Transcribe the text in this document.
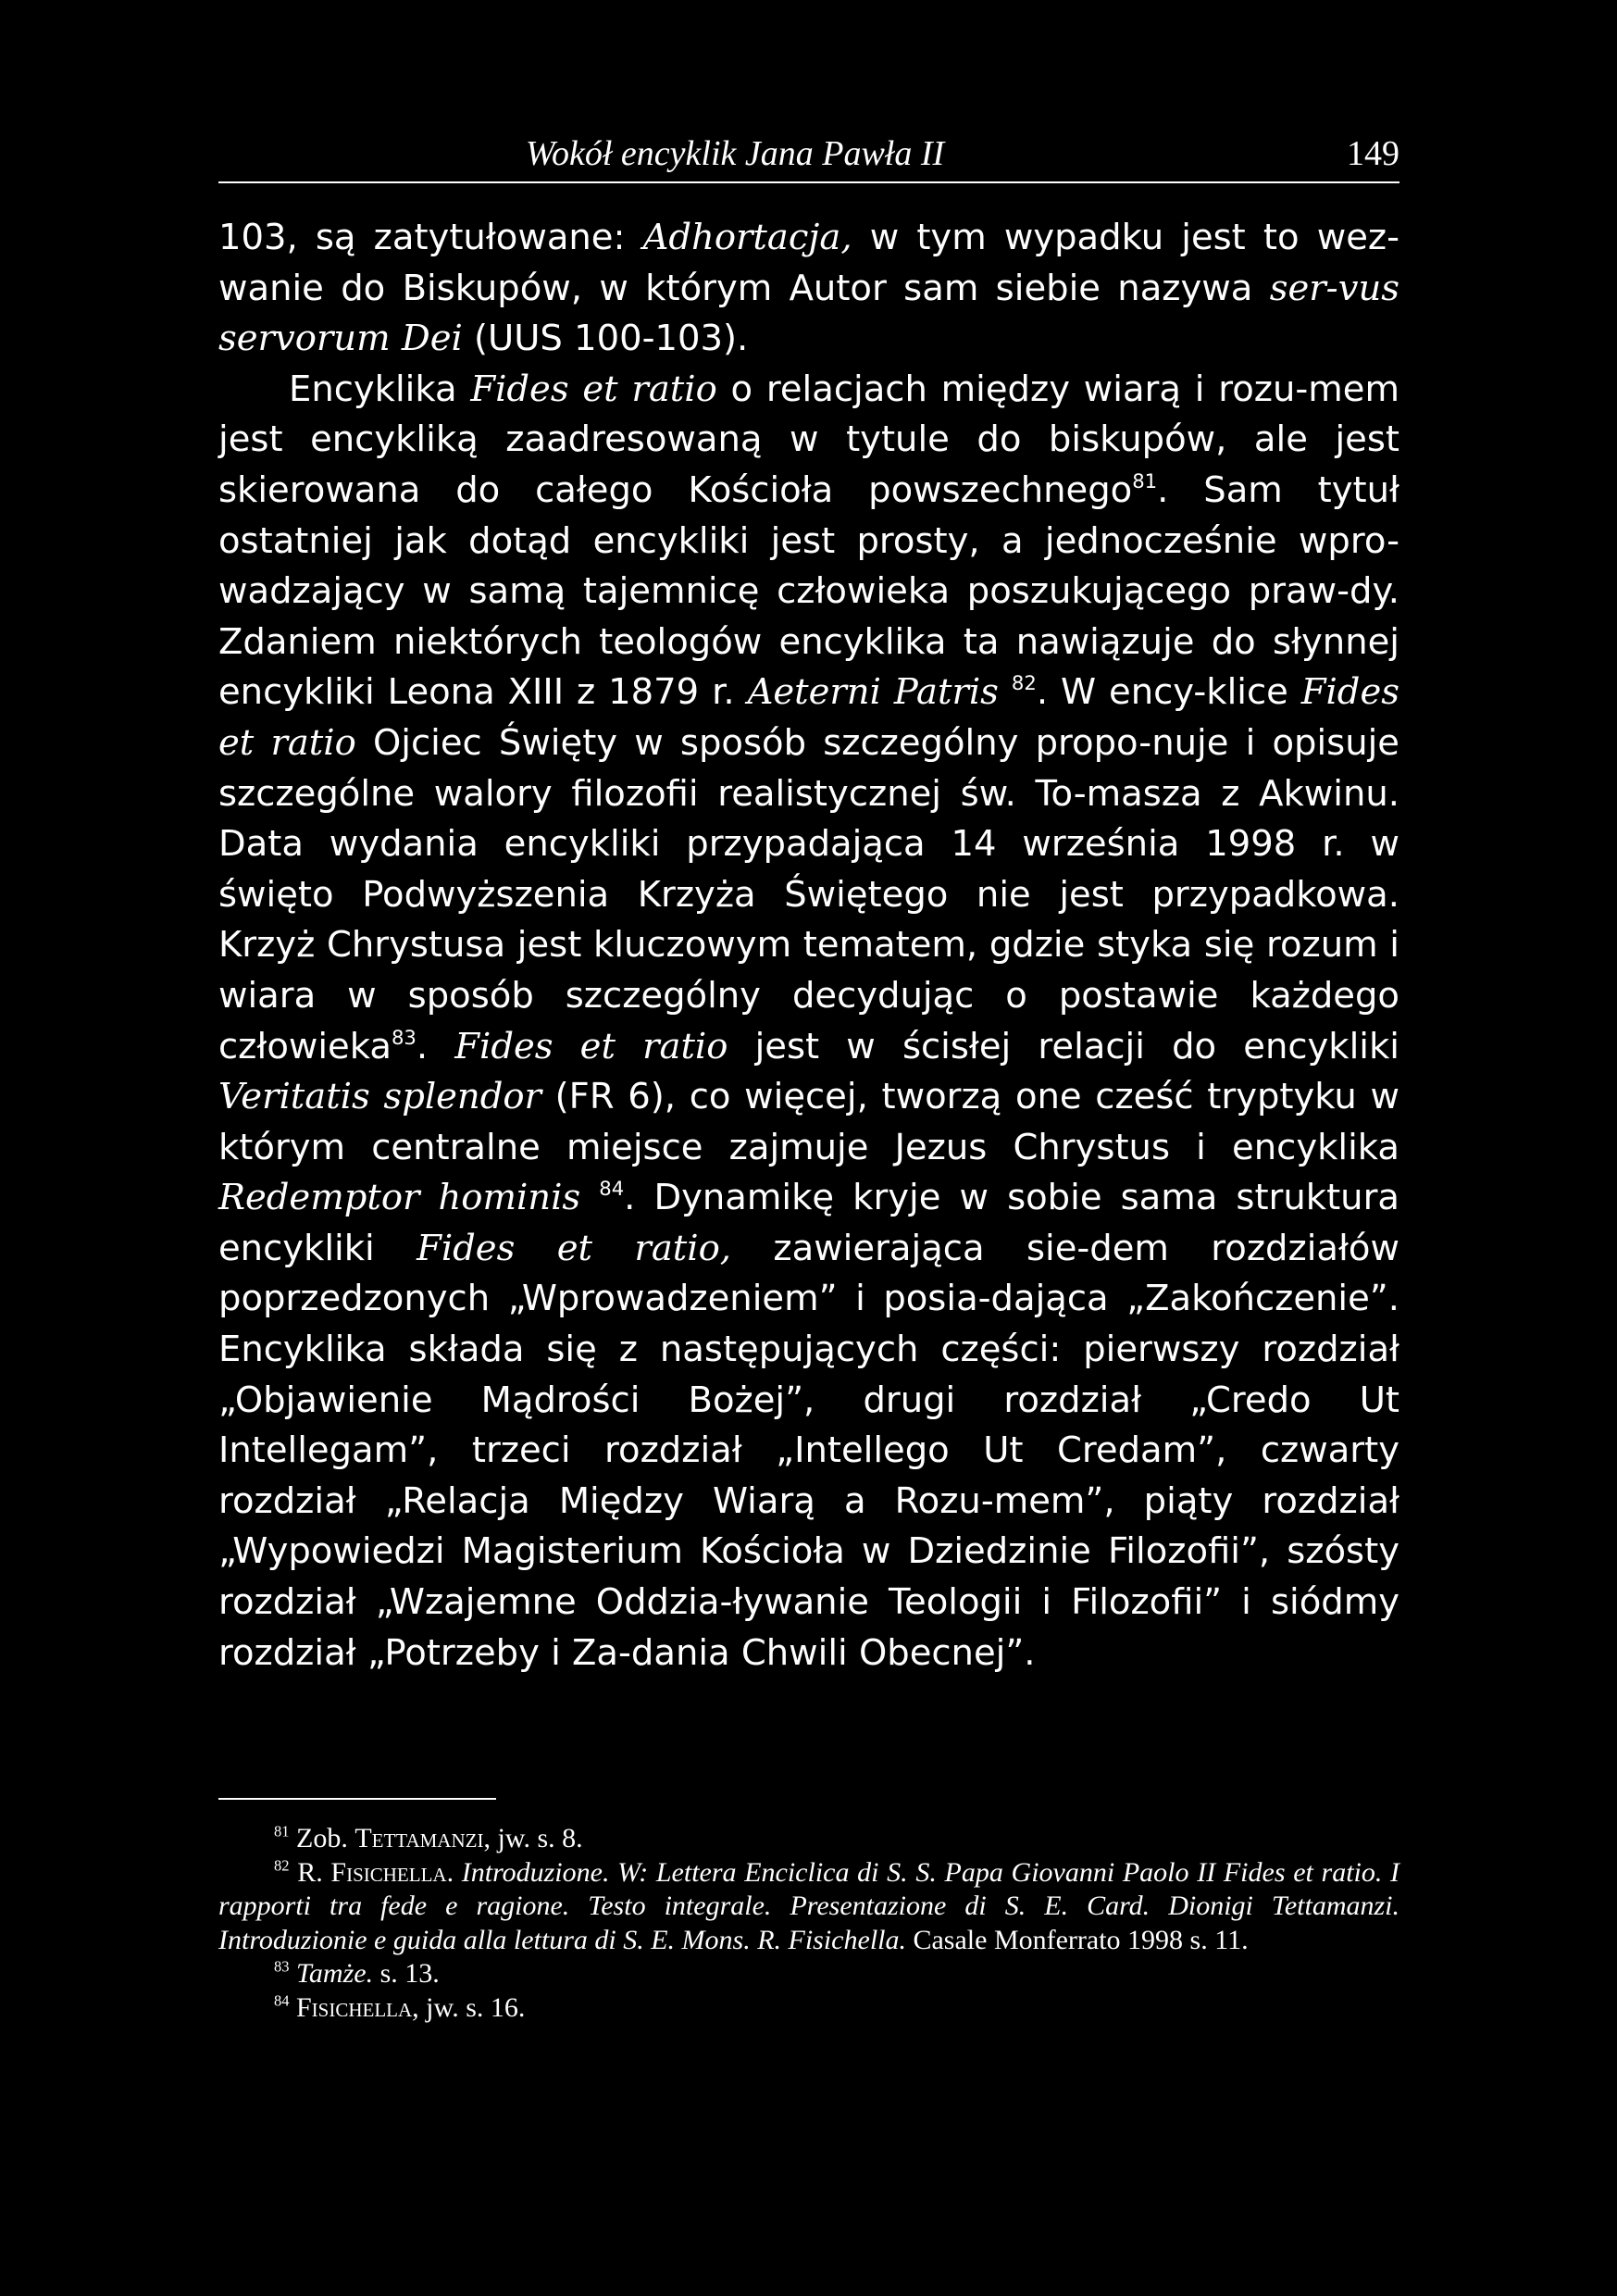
Wokół encyklik Jana Pawła II	149

103, są zatytułowane: Adhortacja, w tym wypadku jest to wez-wanie do Biskupów, w którym Autor sam siebie nazywa ser-vus servorum Dei (UUS 100-103).

Encyklika Fides et ratio o relacjach między wiarą i rozu-mem jest encykliką zaadresowaną w tytule do biskupów, ale jest skierowana do całego Kościoła powszechnego$^{81}$. Sam tytuł ostatniej jak dotąd encykliki jest prosty, a jednocześnie wpro-wadzający w samą tajemnicę człowieka poszukującego praw-dy. Zdaniem niektórych teologów encyklika ta nawiązuje do słynnej encykliki Leona XIII z 1879 r. Aeterni Patris $^{82}$. W ency-klice Fides et ratio Ojciec Święty w sposób szczególny propo-nuje i opisuje szczególne walory filozofii realistycznej św. To-masza z Akwinu. Data wydania encykliki przypadająca 14 września 1998 r. w święto Podwyższenia Krzyża Świętego nie jest przypadkowa. Krzyż Chrystusa jest kluczowym tematem, gdzie styka się rozum i wiara w sposób szczególny decydując o postawie każdego człowieka$^{83}$. Fides et ratio jest w ścisłej relacji do encykliki Veritatis splendor (FR 6), co więcej, tworzą one cześć tryptyku w którym centralne miejsce zajmuje Jezus Chrystus i encyklika Redemptor hominis $^{84}$. Dynamikę kryje w sobie sama struktura encykliki Fides et ratio, zawierająca sie-dem rozdziałów poprzedzonych „Wprowadzeniem” i posia-dająca „Zakończenie”. Encyklika składa się z następujących części: pierwszy rozdział „Objawienie Mądrości Bożej”, drugi rozdział „Credo Ut Intellegam”, trzeci rozdział „Intellego Ut Credam”, czwarty rozdział „Relacja Między Wiarą a Rozu-mem”, piąty rozdział „Wypowiedzi Magisterium Kościoła w Dziedzinie Filozofii”, szósty rozdział „Wzajemne Oddzia-ływanie Teologii i Filozofii” i siódmy rozdział „Potrzeby i Za-dania Chwili Obecnej”.

$^{81}$ Zob. Tettamanzi, jw. s. 8.

$^{82}$ R. Fisichella. Introduzione. W: Lettera Enciclica di S. S. Papa Giovanni Paolo II Fides et ratio. I rapporti tra fede e ragione. Testo integrale. Presentazione di S. E. Card. Dionigi Tettamanzi. Introduzionie e guida alla lettura di S. E. Mons. R. Fisichella. Casale Monferrato 1998 s. 11.

$^{83}$ Tamże. s. 13.

$^{84}$ Fisichella, jw. s. 16.
